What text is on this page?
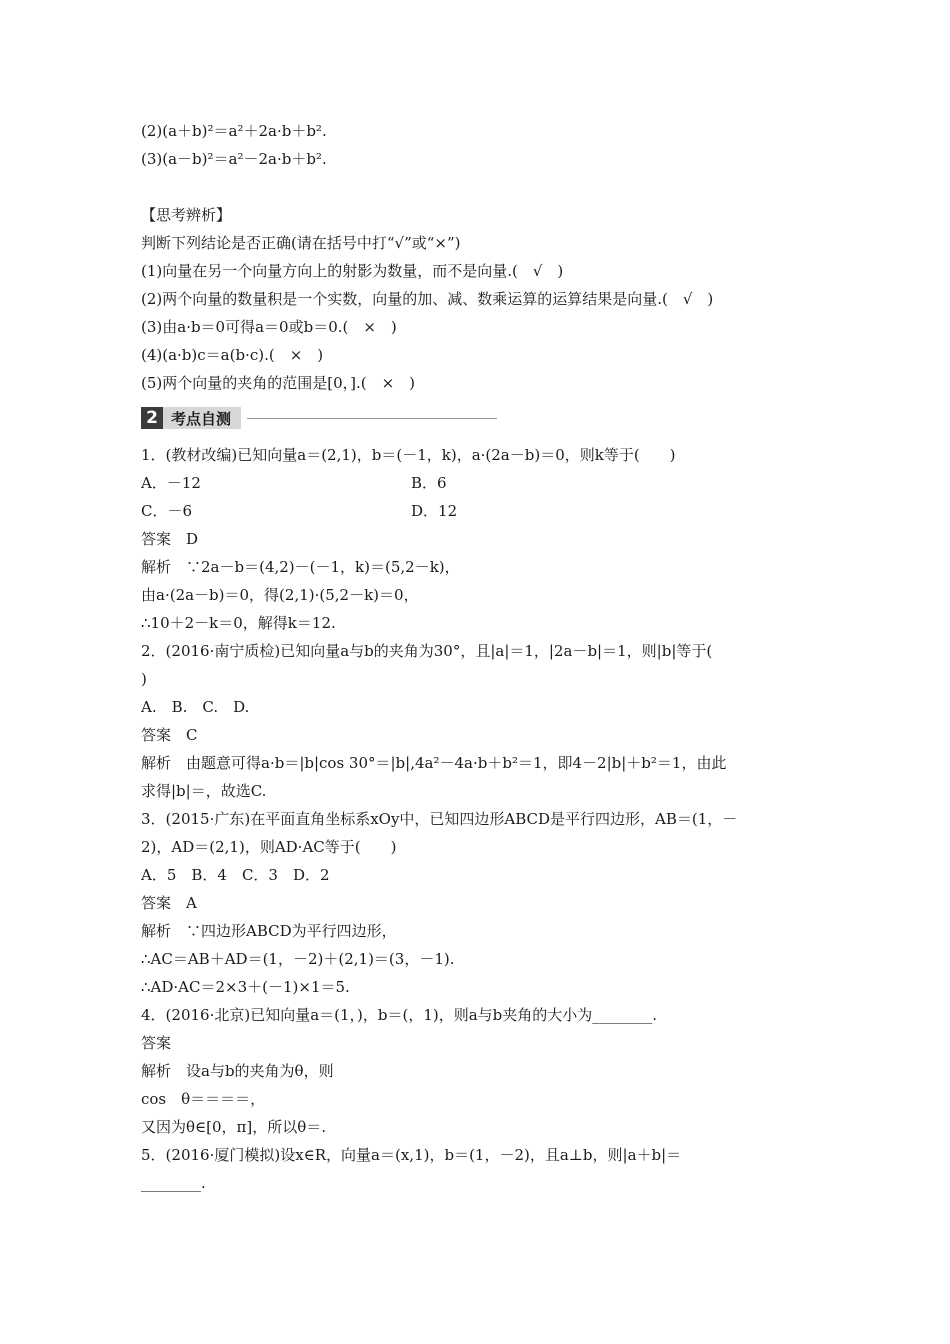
(2)(a＋b)²＝a²＋2a·b＋b².
(3)(a－b)²＝a²－2a·b＋b².
【思考辨析】
判断下列结论是否正确(请在括号中打“√”或“×”)
(1)向量在另一个向量方向上的射影为数量，而不是向量.(　√　)
(2)两个向量的数量积是一个实数，向量的加、减、数乘运算的运算结果是向量.(　√　)
(3)由a·b＝0可得a＝0或b＝0.(　×　)
(4)(a·b)c＝a(b·c).(　×　)
(5)两个向量的夹角的范围是[0，].(　×　)
2 考点自测
1．(教材改编)已知向量a＝(2,1)，b＝(－1，k)，a·(2a－b)＝0，则k等于(　　)
A．－12	B．6
C．－6	D．12
答案　D
解析　∵2a－b＝(4,2)－(－1，k)＝(5,2－k)，
由a·(2a－b)＝0，得(2,1)·(5,2－k)＝0，
∴10＋2－k＝0，解得k＝12.
2．(2016·南宁质检)已知向量a与b的夹角为30°，且|a|＝1，|2a－b|＝1，则|b|等于(
)
A.　B.　C.　D.
答案　C
解析　由题意可得a·b＝|b|cos 30°＝|b|,4a²－4a·b＋b²＝1，即4－2|b|＋b²＝1，由此
求得|b|＝，故选C.
3．(2015·广东)在平面直角坐标系xOy中，已知四边形ABCD是平行四边形，AB＝(1，－
2)，AD＝(2,1)，则AD·AC等于(　　)
A．5　B．4　C．3　D．2
答案　A
解析　∵四边形ABCD为平行四边形，
∴AC＝AB＋AD＝(1，－2)＋(2,1)＝(3，－1).
∴AD·AC＝2×3＋(－1)×1＝5.
4．(2016·北京)已知向量a＝(1，)，b＝(，1)，则a与b夹角的大小为________.
答案
解析　设a与b的夹角为θ，则
cos　θ＝＝＝＝，
又因为θ∈[0，π]，所以θ＝.
5．(2016·厦门模拟)设x∈R，向量a＝(x,1)，b＝(1，－2)，且a⊥b，则|a＋b|＝
________.
